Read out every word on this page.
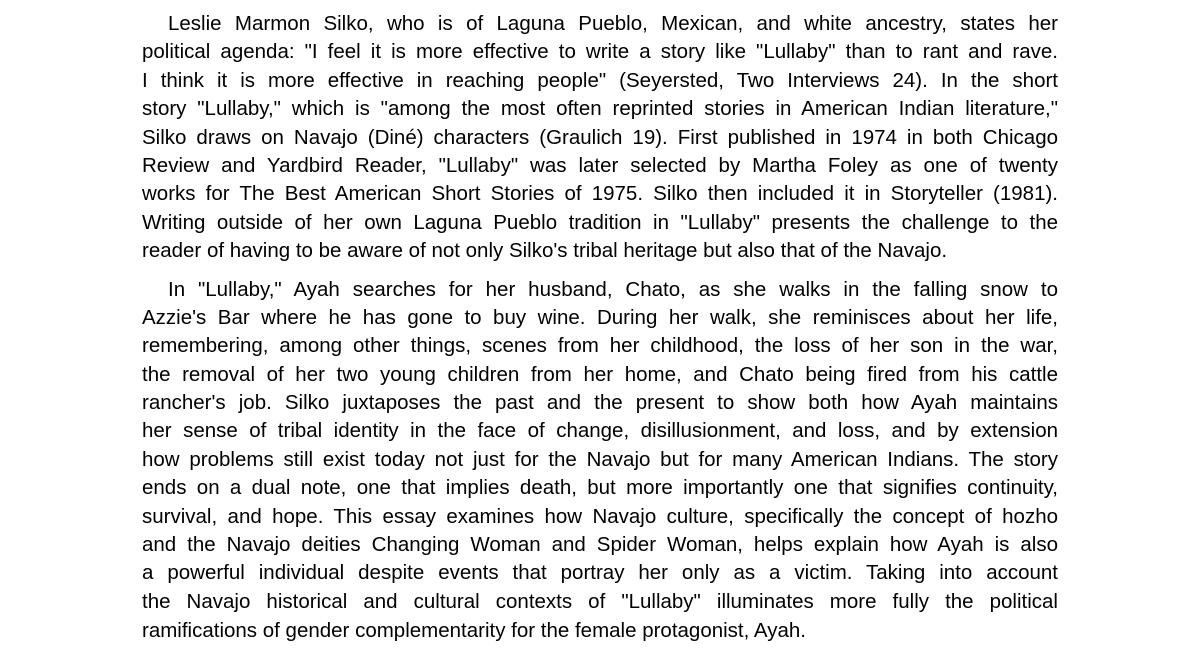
Leslie Marmon Silko, who is of Laguna Pueblo, Mexican, and white ancestry, states her
political agenda: "I feel it is more effective to write a story like "Lullaby" than to rant and rave.
I think it is more effective in reaching people" (Seyersted, Two Interviews 24). In the short
story "Lullaby," which is "among the most often reprinted stories in American Indian literature,"
Silko draws on Navajo (Diné) characters (Graulich 19). First published in 1974 in both Chicago
Review and Yardbird Reader, "Lullaby" was later selected by Martha Foley as one of twenty
works for The Best American Short Stories of 1975. Silko then included it in Storyteller (1981).
Writing outside of her own Laguna Pueblo tradition in "Lullaby" presents the challenge to the
reader of having to be aware of not only Silko's tribal heritage but also that of the Navajo.
In "Lullaby," Ayah searches for her husband, Chato, as she walks in the falling snow to
Azzie's Bar where he has gone to buy wine. During her walk, she reminisces about her life,
remembering, among other things, scenes from her childhood, the loss of her son in the war,
the removal of her two young children from her home, and Chato being fired from his cattle
rancher's job. Silko juxtaposes the past and the present to show both how Ayah maintains
her sense of tribal identity in the face of change, disillusionment, and loss, and by extension
how problems still exist today not just for the Navajo but for many American Indians. The story
ends on a dual note, one that implies death, but more importantly one that signifies continuity,
survival, and hope. This essay examines how Navajo culture, specifically the concept of hozho
and the Navajo deities Changing Woman and Spider Woman, helps explain how Ayah is also
a powerful individual despite events that portray her only as a victim. Taking into account
the Navajo historical and cultural contexts of "Lullaby" illuminates more fully the political
ramifications of gender complementarity for the female protagonist, Ayah.
